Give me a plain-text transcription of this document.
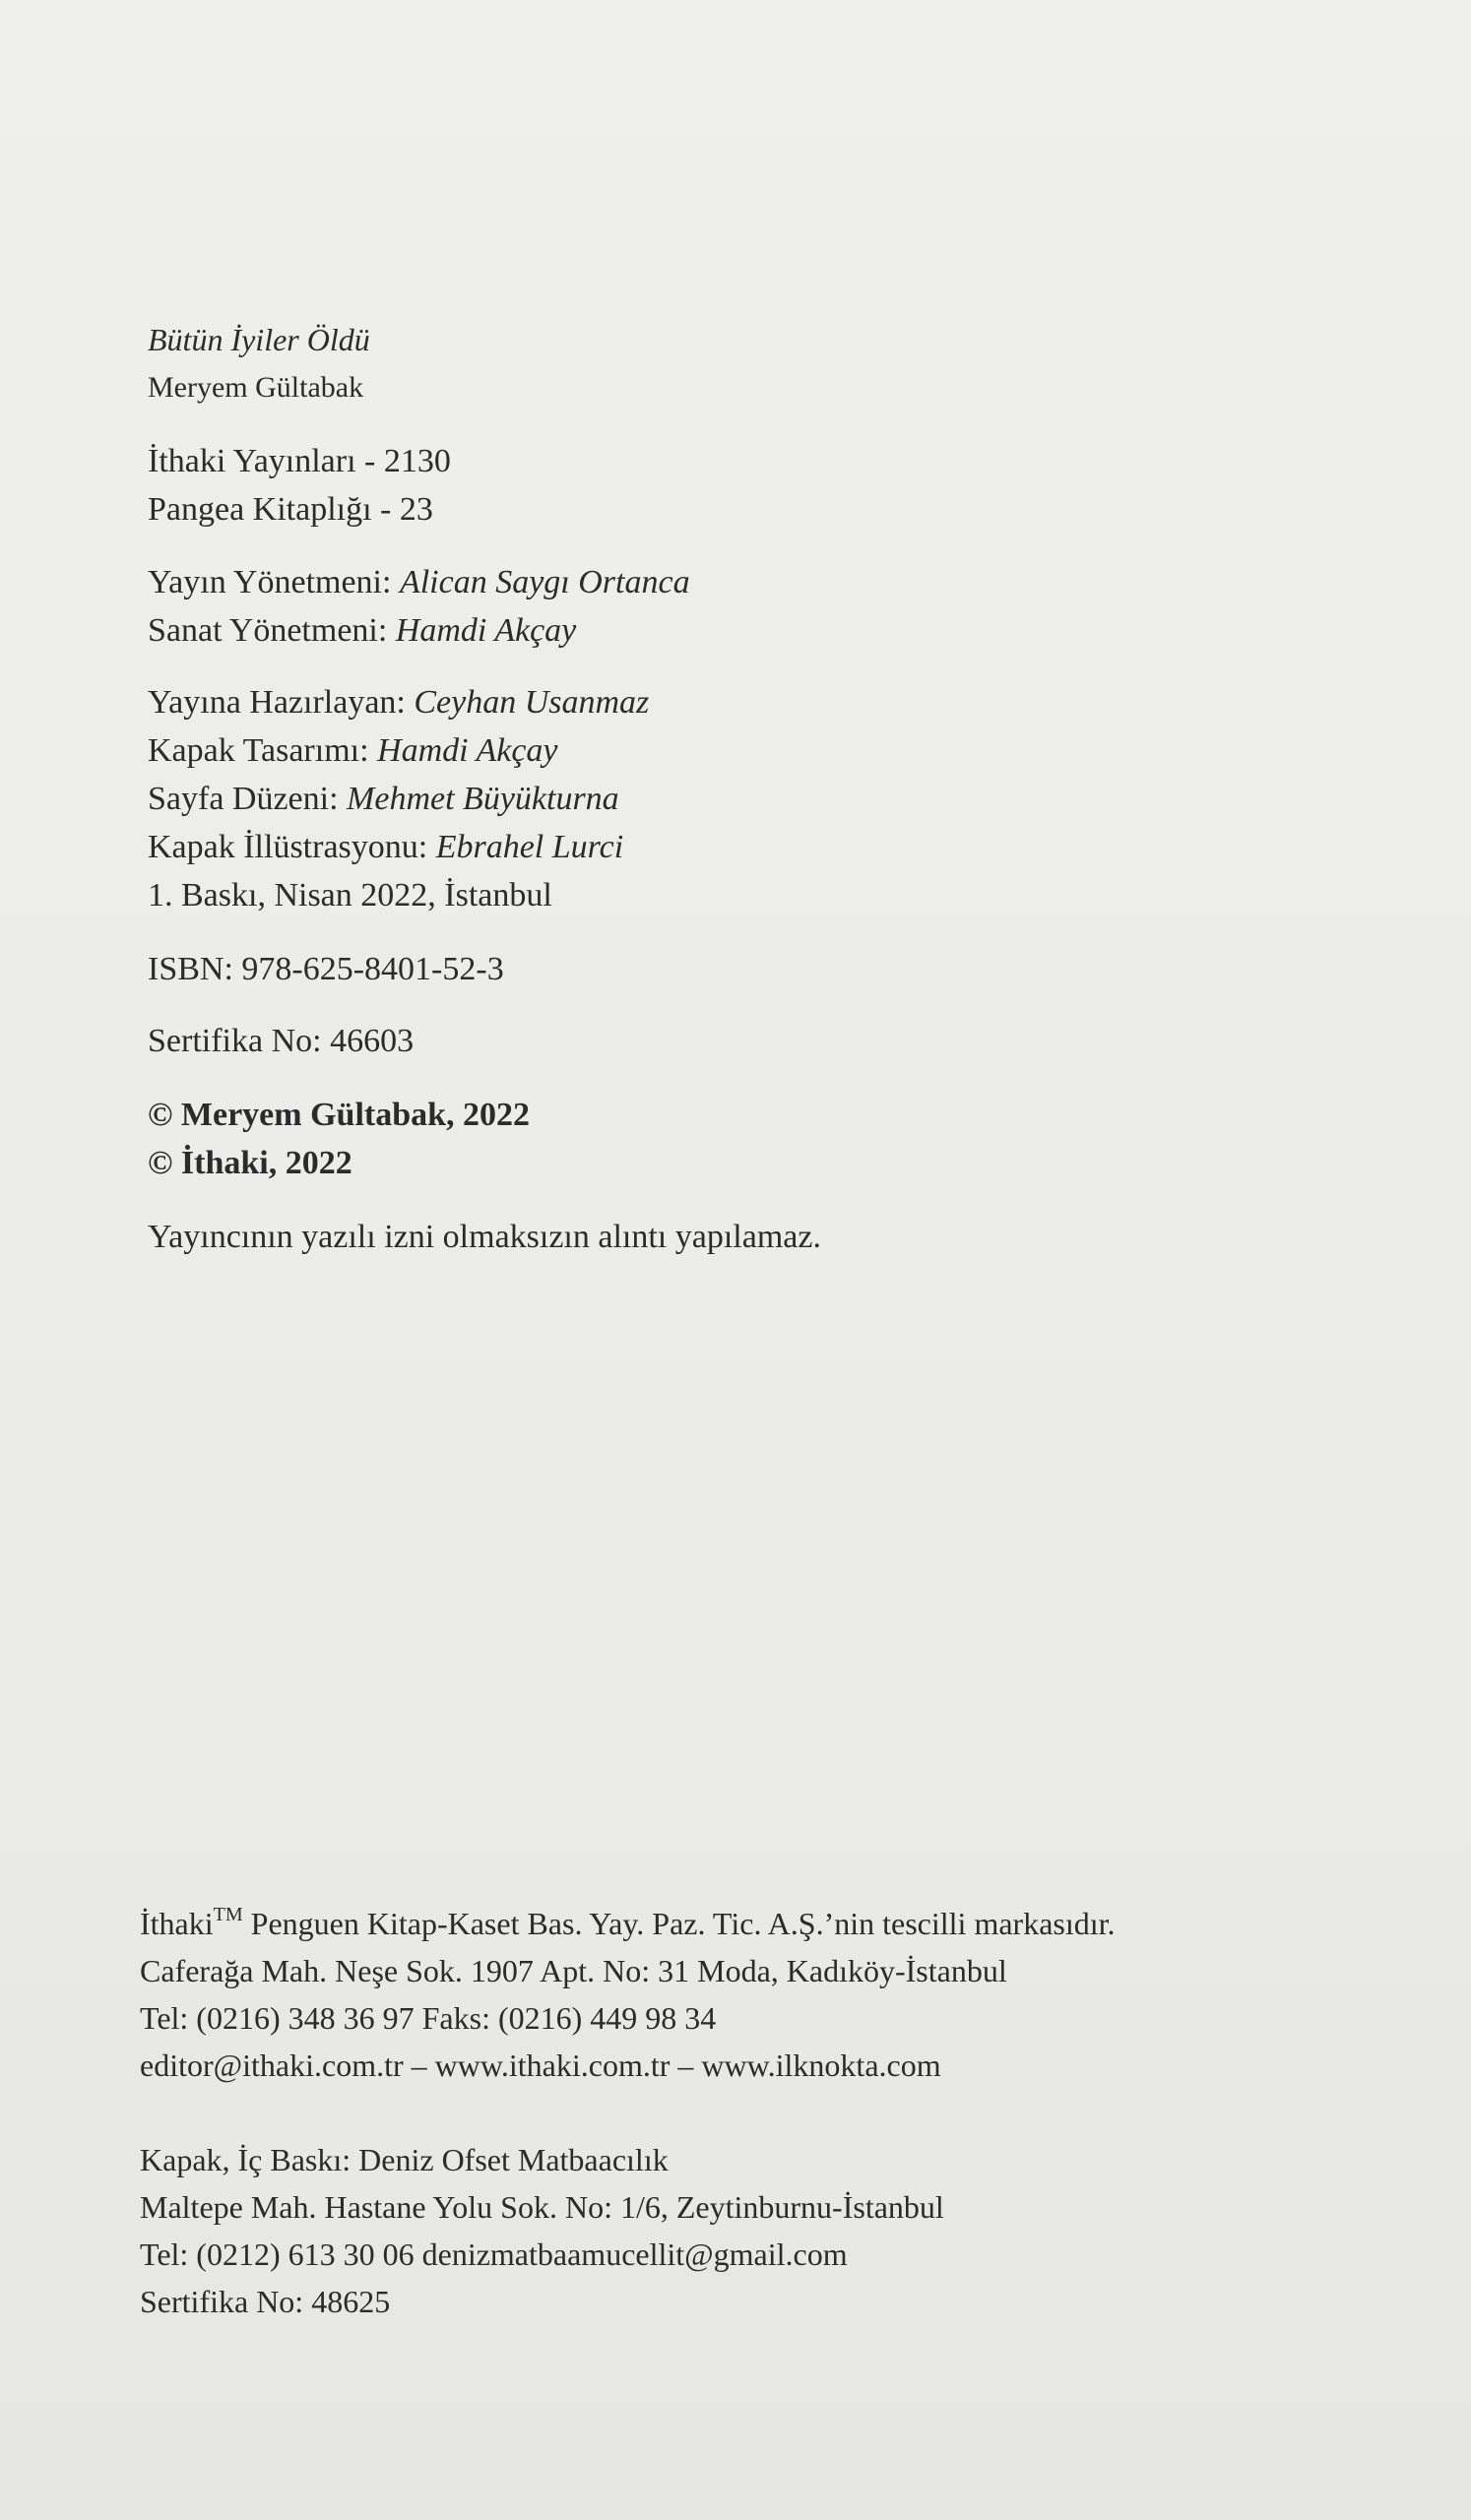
Bütün İyiler Öldü
Meryem Gültabak
İthaki Yayınları - 2130
Pangea Kitaplığı - 23
Yayın Yönetmeni: Alican Saygı Ortanca
Sanat Yönetmeni: Hamdi Akçay
Yayına Hazırlayan: Ceyhan Usanmaz
Kapak Tasarımı: Hamdi Akçay
Sayfa Düzeni: Mehmet Büyükturna
Kapak İllüstrasyonu: Ebrahel Lurci
1. Baskı, Nisan 2022, İstanbul
ISBN: 978-625-8401-52-3
Sertifika No: 46603
© Meryem Gültabak, 2022
© İthaki, 2022
Yayıncının yazılı izni olmaksızın alıntı yapılamaz.
İthaki™ Penguen Kitap-Kaset Bas. Yay. Paz. Tic. A.Ş.’nin tescilli markasıdır.
Caferağa Mah. Neşe Sok. 1907 Apt. No: 31 Moda, Kadıköy-İstanbul
Tel: (0216) 348 36 97 Faks: (0216) 449 98 34
editor@ithaki.com.tr – www.ithaki.com.tr – www.ilknokta.com
Kapak, İç Baskı: Deniz Ofset Matbaacılık
Maltepe Mah. Hastane Yolu Sok. No: 1/6, Zeytinburnu-İstanbul
Tel: (0212) 613 30 06 denizmatbaamucellit@gmail.com
Sertifika No: 48625
